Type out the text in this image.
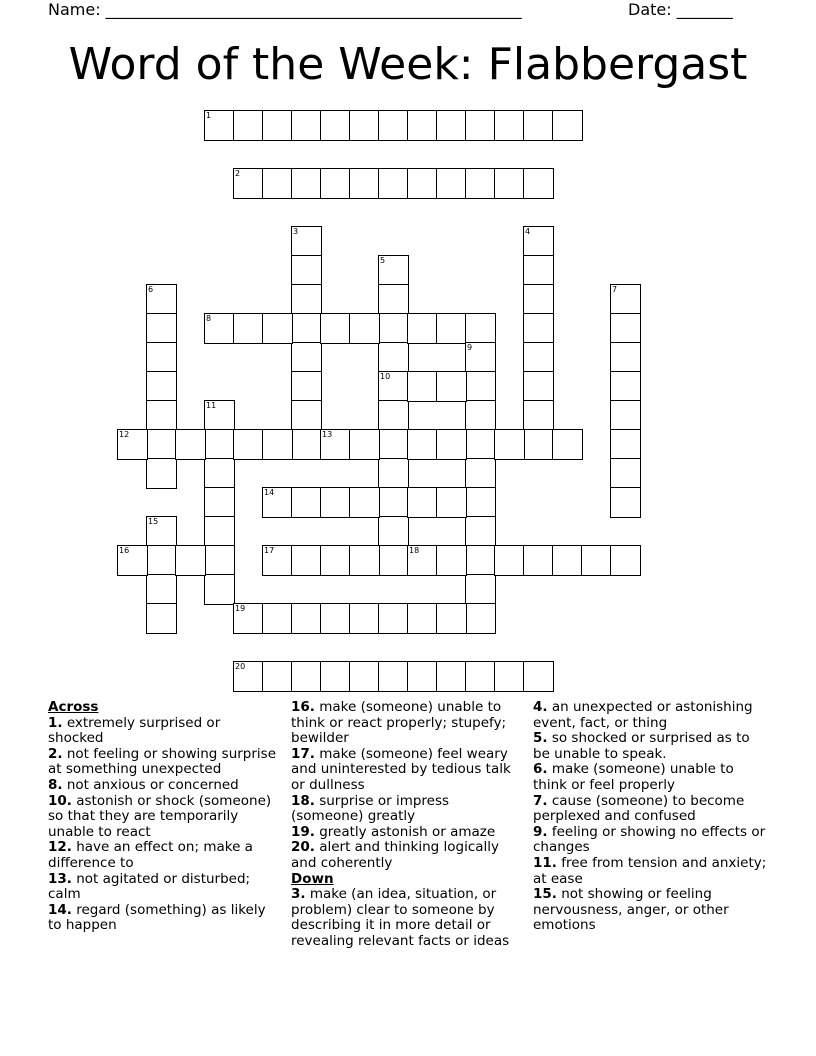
Name: ____________________________________________________	Date: _______
Word of the Week: Flabbergast
1
2
3	4
5
10
6	7
8
9
11
12	13
14
15
16	17	18
19
20
Across
1. extremely surprised or shocked
2. not feeling or showing surprise at something unexpected
8. not anxious or concerned
10. astonish or shock (someone) so that they are temporarily unable to react
12. have an effect on; make a difference to
13. not agitated or disturbed; calm
14. regard (something) as likely to happen
16. make (someone) unable to think or react properly; stupefy; bewilder
17. make (someone) feel weary and uninterested by tedious talk or dullness
18. surprise or impress (someone) greatly
19. greatly astonish or amaze
20. alert and thinking logically and coherently
Down
3. make (an idea, situation, or problem) clear to someone by describing it in more detail or revealing relevant facts or ideas
4. an unexpected or astonishing event, fact, or thing
5. so shocked or surprised as to be unable to speak.
6. make (someone) unable to think or feel properly
7. cause (someone) to become perplexed and confused
9. feeling or showing no effects or changes
11. free from tension and anxiety; at ease
15. not showing or feeling nervousness, anger, or other emotions
